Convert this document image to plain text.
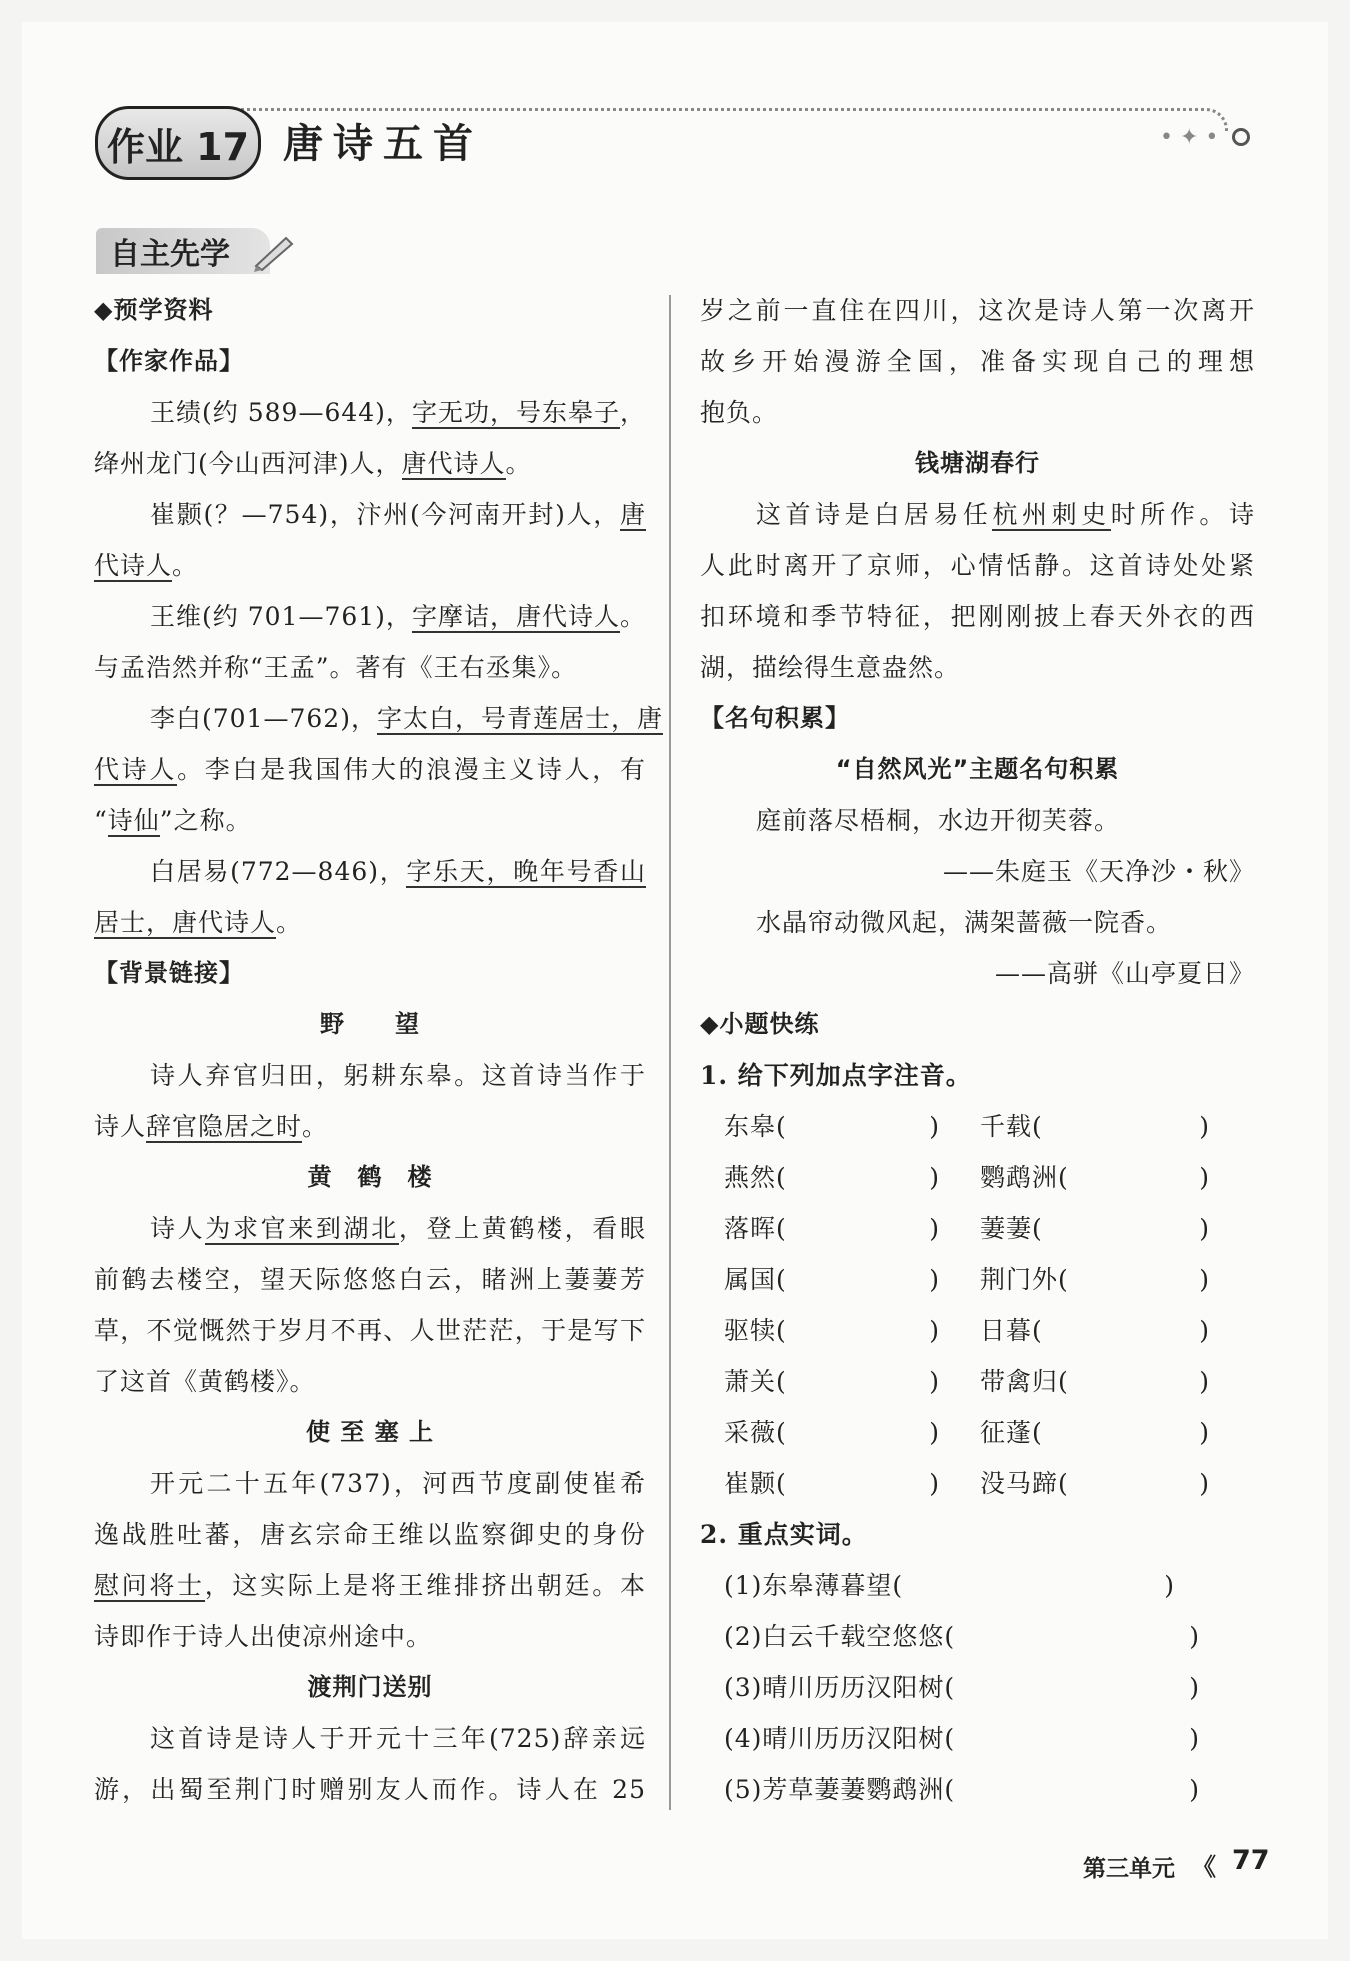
作业 17 唐诗五首	• ✦ •
自主先学
◆预学资料
【作家作品】
王绩(约 589—644)，字无功，号东皋子，
绛州龙门(今山西河津)人，唐代诗人。
崔颢(？—754)，汴州(今河南开封)人，唐
代诗人。
王维(约 701—761)，字摩诘，唐代诗人。
与孟浩然并称“王孟”。著有《王右丞集》。
李白(701—762)，字太白，号青莲居士，唐
代诗人。李白是我国伟大的浪漫主义诗人，有
“诗仙”之称。
白居易(772—846)，字乐天，晚年号香山
居士，唐代诗人。
【背景链接】
野　　望
诗人弃官归田，躬耕东皋。这首诗当作于
诗人辞官隐居之时。
黄　鹤　楼
诗人为求官来到湖北，登上黄鹤楼，看眼
前鹤去楼空，望天际悠悠白云，睹洲上萋萋芳
草，不觉慨然于岁月不再、人世茫茫，于是写下
了这首《黄鹤楼》。
使 至 塞 上
开元二十五年(737)，河西节度副使崔希
逸战胜吐蕃，唐玄宗命王维以监察御史的身份
慰问将士，这实际上是将王维排挤出朝廷。本
诗即作于诗人出使凉州途中。
渡荆门送别
这首诗是诗人于开元十三年(725)辞亲远
游，出蜀至荆门时赠别友人而作。诗人在 25
岁之前一直住在四川，这次是诗人第一次离开
故乡开始漫游全国，准备实现自己的理想
抱负。
钱塘湖春行
这首诗是白居易任杭州刺史时所作。诗
人此时离开了京师，心情恬静。这首诗处处紧
扣环境和季节特征，把刚刚披上春天外衣的西
湖，描绘得生意盎然。
【名句积累】
“自然风光”主题名句积累
庭前落尽梧桐，水边开彻芙蓉。
——朱庭玉《天净沙・秋》
水晶帘动微风起，满架蔷薇一院香。
——高骈《山亭夏日》
◆小题快练
1. 给下列加点字注音。
东皋(	)	千载(	)
燕然(	)	鹦鹉洲(	)
落晖(	)	萋萋(	)
属国(	)	荆门外(	)
驱犊(	)	日暮(	)
萧关(	)	带禽归(	)
采薇(	)	征蓬(	)
崔颢(	)	没马蹄(	)
2. 重点实词。
(1)东皋薄暮望(	)
(2)白云千载空悠悠(	)
(3)晴川历历汉阳树(	)
(4)晴川历历汉阳树(	)
(5)芳草萋萋鹦鹉洲(	)
第三单元 《 77
